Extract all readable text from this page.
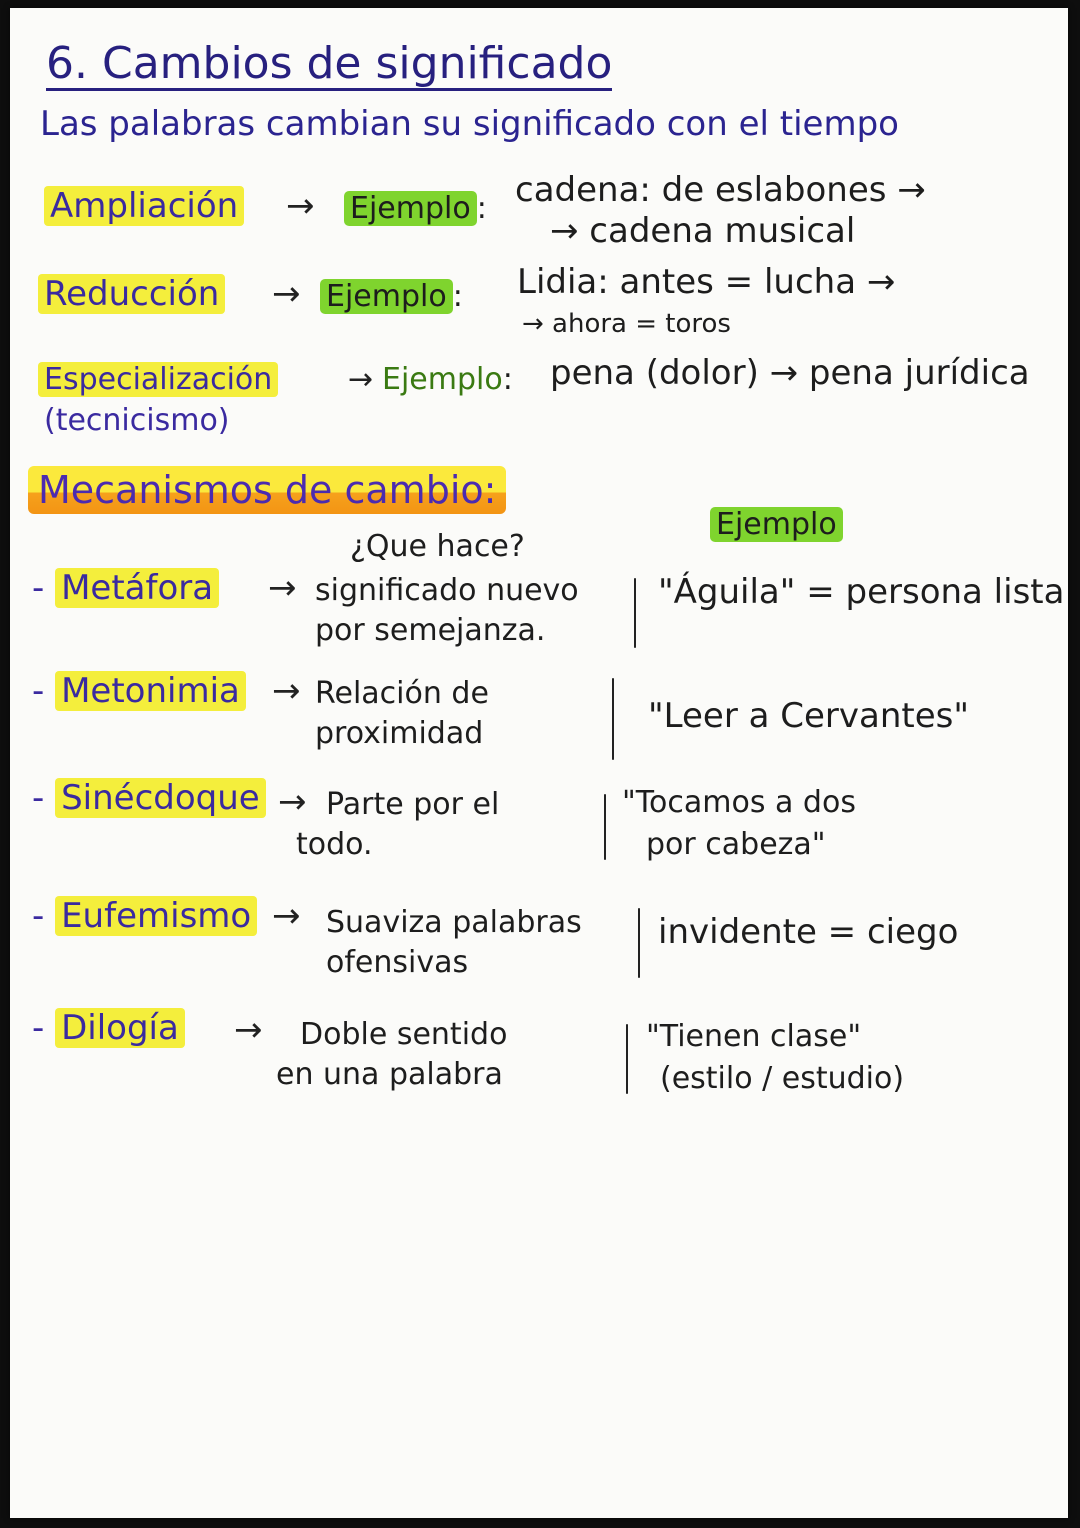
6. Cambios de significado
Las palabras cambian su significado con el tiempo
Ampliación → Ejemplo : cadena: de eslabones →
→ cadena musical
Reducción → Ejemplo : Lidia: antes = lucha →
→ ahora = toros
Especialización	→
(tecnicismo)
Ejemplo: pena (dolor) → pena jurídica
Mecanismos de cambio:
¿Que hace?
Ejemplo
- Metáfora → significado nuevo
por semejanza.
"Águila" = persona lista
- Metonimia → Relación de
proximidad	"Leer a Cervantes"
- Sinécdoque → Parte por el
todo.
"Tocamos a dos
por cabeza"
- Eufemismo → Suaviza palabras
ofensivas
invidente = ciego
- Dilogía → Doble sentido
en una palabra
"Tienen clase"
(estilo / estudio)
